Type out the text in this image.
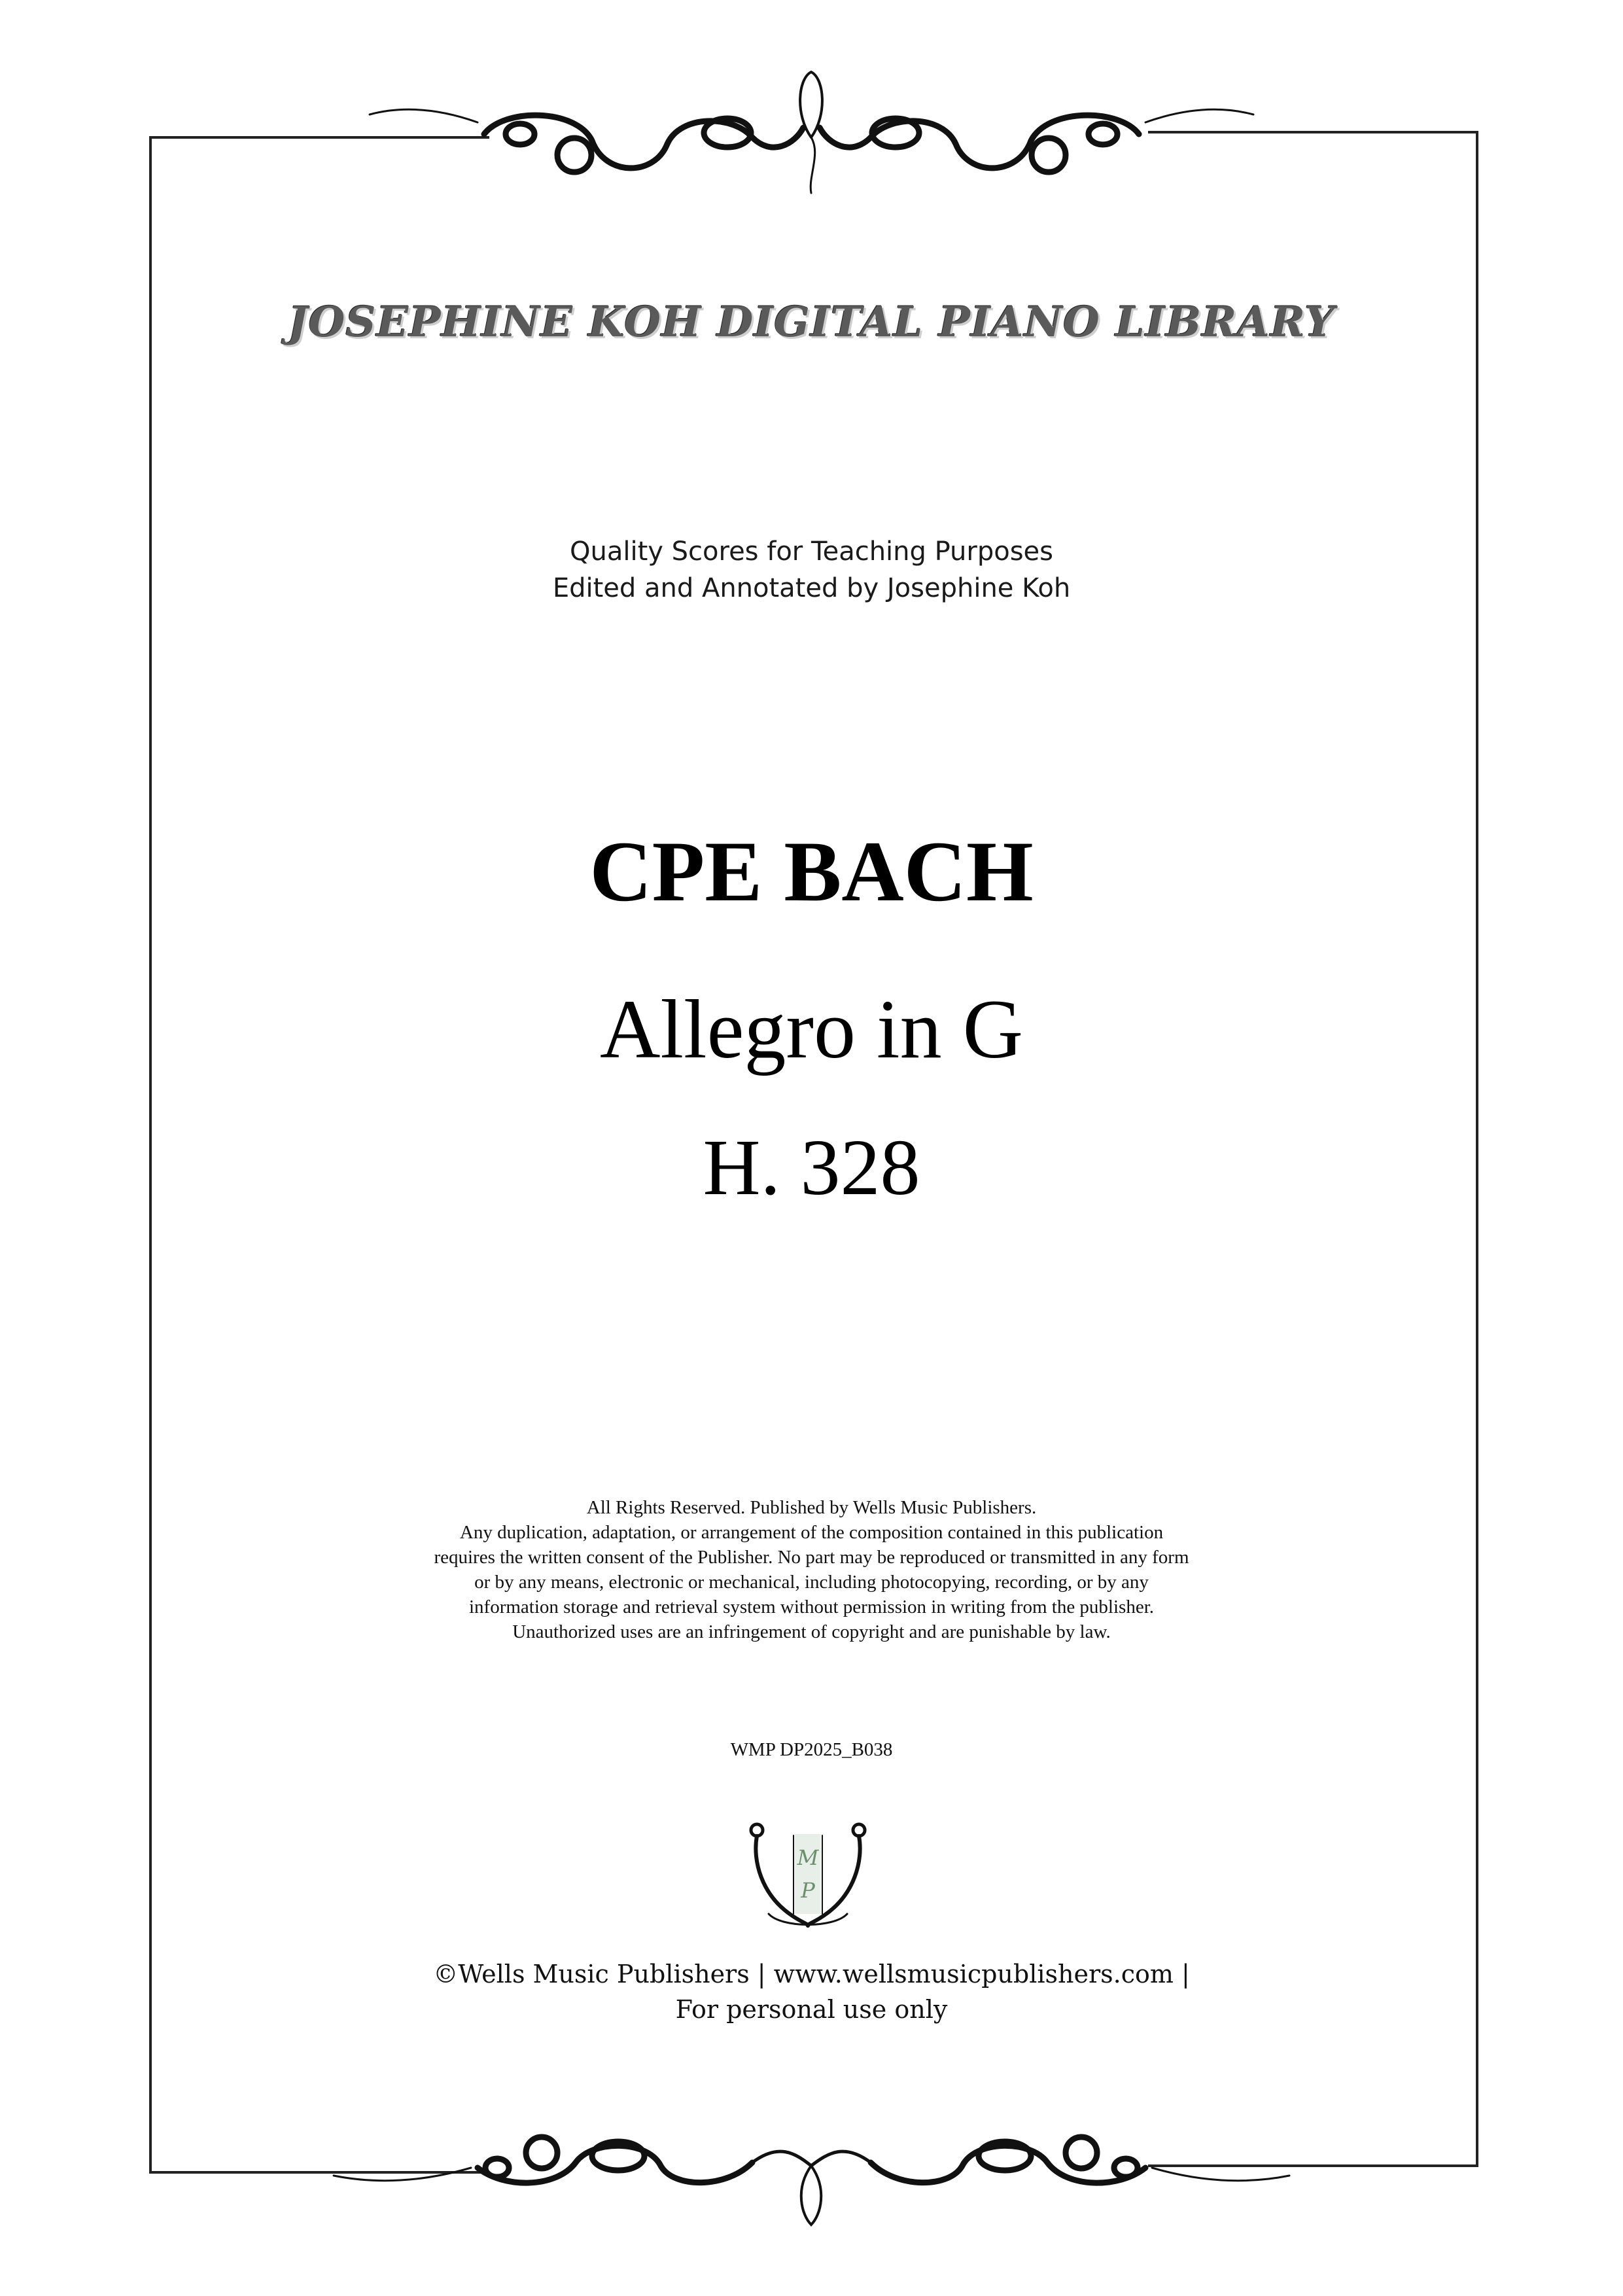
JOSEPHINE KOH DIGITAL PIANO LIBRARY
Quality Scores for Teaching Purposes
Edited and Annotated by Josephine Koh
CPE BACH
Allegro in G
H. 328
All Rights Reserved. Published by Wells Music Publishers.
Any duplication, adaptation, or arrangement of the composition contained in this publication
requires the written consent of the Publisher. No part may be reproduced or transmitted in any form
or by any means, electronic or mechanical, including photocopying, recording, or by any
information storage and retrieval system without permission in writing from the publisher.
Unauthorized uses are an infringement of copyright and are punishable by law.
WMP DP2025_B038
M
P
©Wells Music Publishers | www.wellsmusicpublishers.com |
For personal use only
